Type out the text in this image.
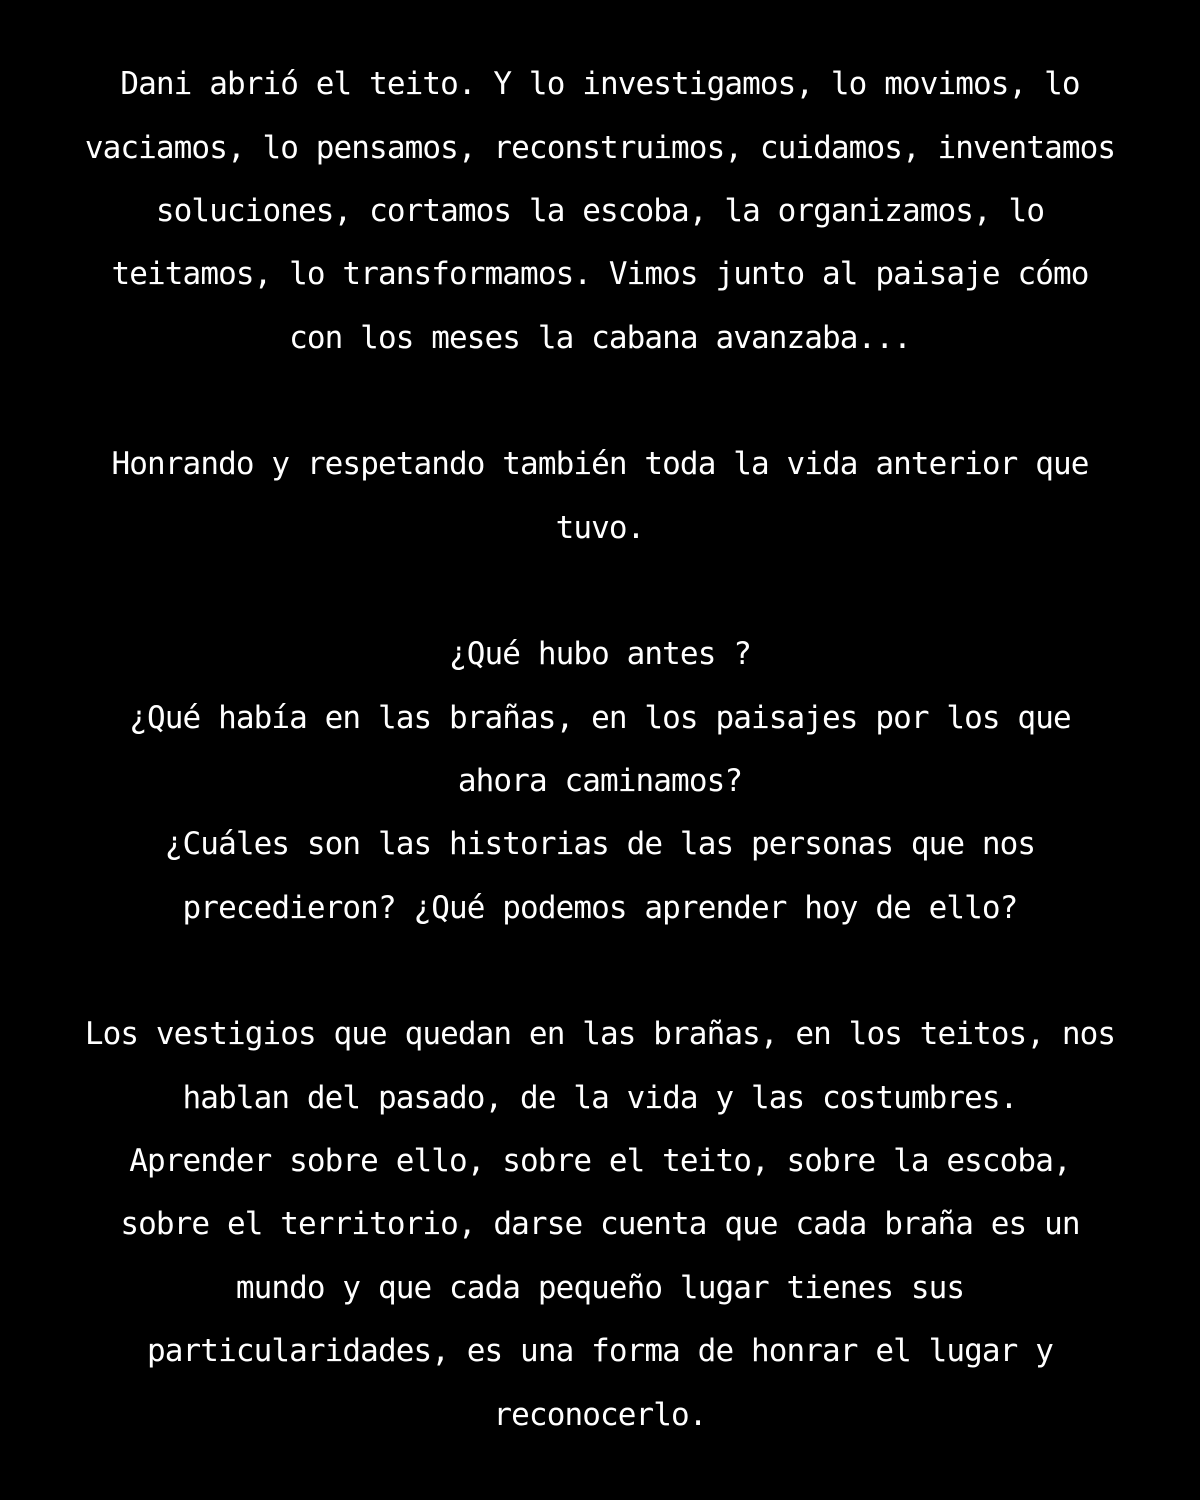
Dani abrió el teito. Y lo investigamos, lo movimos, lo

vaciamos, lo pensamos, reconstruimos, cuidamos, inventamos

soluciones, cortamos la escoba, la organizamos, lo

teitamos, lo transformamos. Vimos junto al paisaje cómo

con los meses la cabana avanzaba...

Honrando y respetando también toda la vida anterior que

tuvo.

¿Qué hubo antes ?

¿Qué había en las brañas, en los paisajes por los que

ahora caminamos?

¿Cuáles son las historias de las personas que nos

precedieron? ¿Qué podemos aprender hoy de ello?

Los vestigios que quedan en las brañas, en los teitos, nos

hablan del pasado, de la vida y las costumbres.

Aprender sobre ello, sobre el teito, sobre la escoba,

sobre el territorio, darse cuenta que cada braña es un

mundo y que cada pequeño lugar tienes sus

particularidades, es una forma de honrar el lugar y

reconocerlo.
